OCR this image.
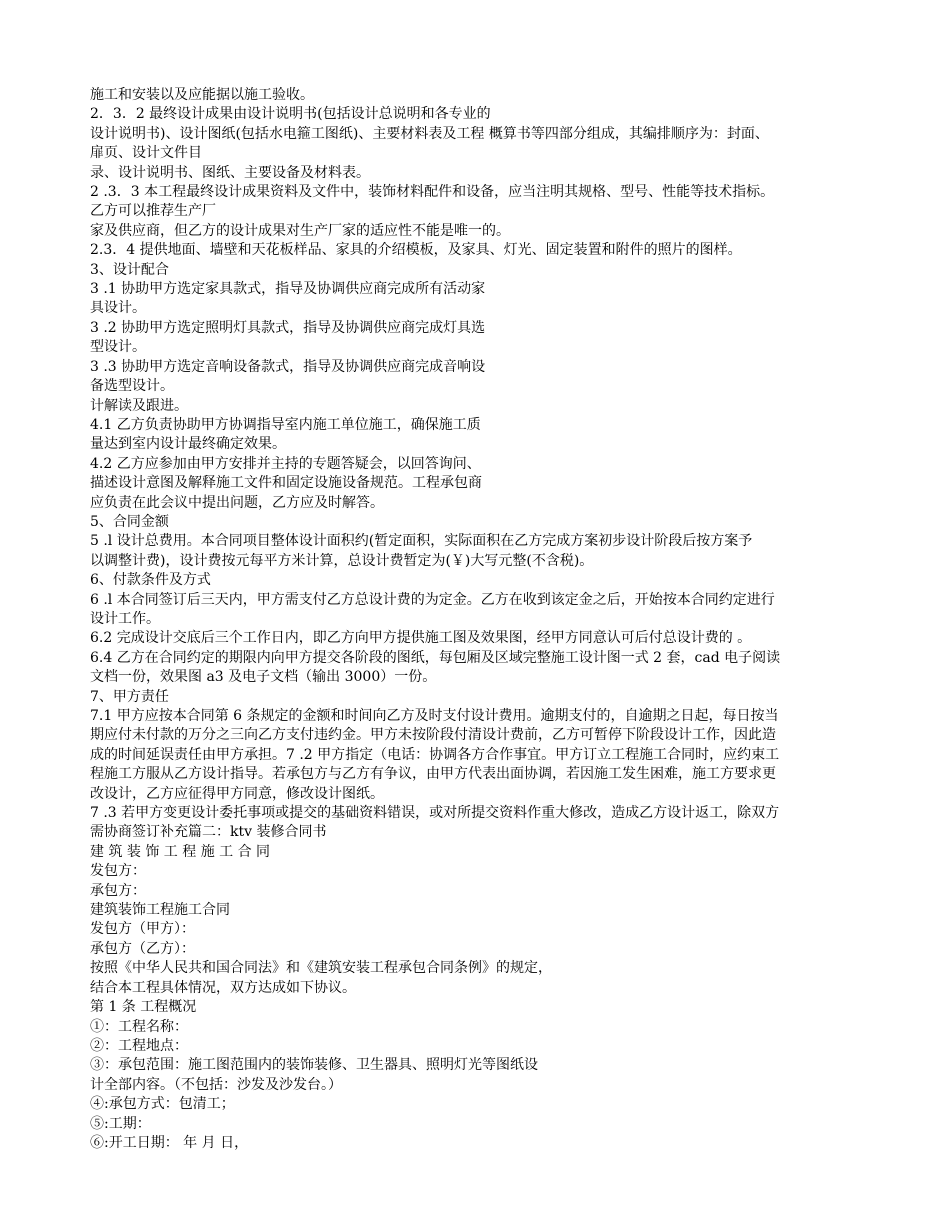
施工和安装以及应能据以施工验收。
2．3．2 最终设计成果由设计说明书(包括设计总说明和各专业的
设计说明书)、设计图纸(包括水电箍工图纸)、主要材料表及工程 概算书等四部分组成，其编排顺序为：封面、
扉页、设计文件目
录、设计说明书、图纸、主要设备及材料表。
2 .3．3 本工程最终设计成果资料及文件中，装饰材料配件和设备，应当注明其规格、型号、性能等技术指标。
乙方可以推荐生产厂
家及供应商，但乙方的设计成果对生产厂家的适应性不能是唯一的。
2.3．4 提供地面、墙壁和天花板样品、家具的介绍模板，及家具、灯光、固定装置和附件的照片的图样。
3、设计配合
3 .1 协助甲方选定家具款式，指导及协调供应商完成所有活动家
具设计。
3 .2 协助甲方选定照明灯具款式，指导及协调供应商完成灯具选
型设计。
3 .3 协助甲方选定音响设备款式，指导及协调供应商完成音响设
备选型设计。
计解读及跟进。
4.1 乙方负责协助甲方协调指导室内施工单位施工，确保施工质
量达到室内设计最终确定效果。
4.2 乙方应参加由甲方安排并主持的专题答疑会，以回答询问、
描述设计意图及解释施工文件和固定设施设备规范。工程承包商
应负责在此会议中提出问题，乙方应及时解答。
5、合同金额
5 .l 设计总费用。本合同项目整体设计面积约(暂定面积，实际面积在乙方完成方案初步设计阶段后按方案予
以调整计费)，设计费按元每平方米计算，总设计费暂定为(￥)大写元整(不含税)。
6、付款条件及方式
6 .l 本合同签订后三天内，甲方需支付乙方总设计费的为定金。乙方在收到该定金之后，开始按本合同约定进行
设计工作。
6.2 完成设计交底后三个工作日内，即乙方向甲方提供施工图及效果图，经甲方同意认可后付总设计费的 。
6.4 乙方在合同约定的期限内向甲方提交各阶段的图纸，每包厢及区域完整施工设计图一式 2 套，cad 电子阅读
文档一份，效果图 a3 及电子文档（输出 3000）一份。
7、甲方责任
7.1 甲方应按本合同第 6 条规定的金额和时间向乙方及时支付设计费用。逾期支付的，自逾期之日起，每日按当
期应付未付款的万分之三向乙方支付违约金。甲方未按阶段付清设计费前，乙方可暂停下阶段设计工作，因此造
成的时间延误责任由甲方承担。7 .2 甲方指定（电话：协调各方合作事宜。甲方订立工程施工合同时，应约束工
程施工方服从乙方设计指导。若承包方与乙方有争议，由甲方代表出面协调，若因施工发生困难，施工方要求更
改设计，乙方应征得甲方同意，修改设计图纸。
7 .3 若甲方变更设计委托事项或提交的基础资料错误，或对所提交资料作重大修改，造成乙方设计返工，除双方
需协商签订补充篇二：ktv 装修合同书
建 筑 装 饰 工 程 施 工 合 同
发包方：
承包方：
建筑装饰工程施工合同
发包方（甲方）：
承包方（乙方）：
按照《中华人民共和国合同法》和《建筑安装工程承包合同条例》的规定，
结合本工程具体情况，双方达成如下协议。
第 1 条 工程概况
①：工程名称：
②：工程地点：
③：承包范围：施工图范围内的装饰装修、卫生器具、照明灯光等图纸设
计全部内容。（不包括：沙发及沙发台。）
④:承包方式：包清工；
⑤:工期：
⑥:开工日期： 年 月 日，
